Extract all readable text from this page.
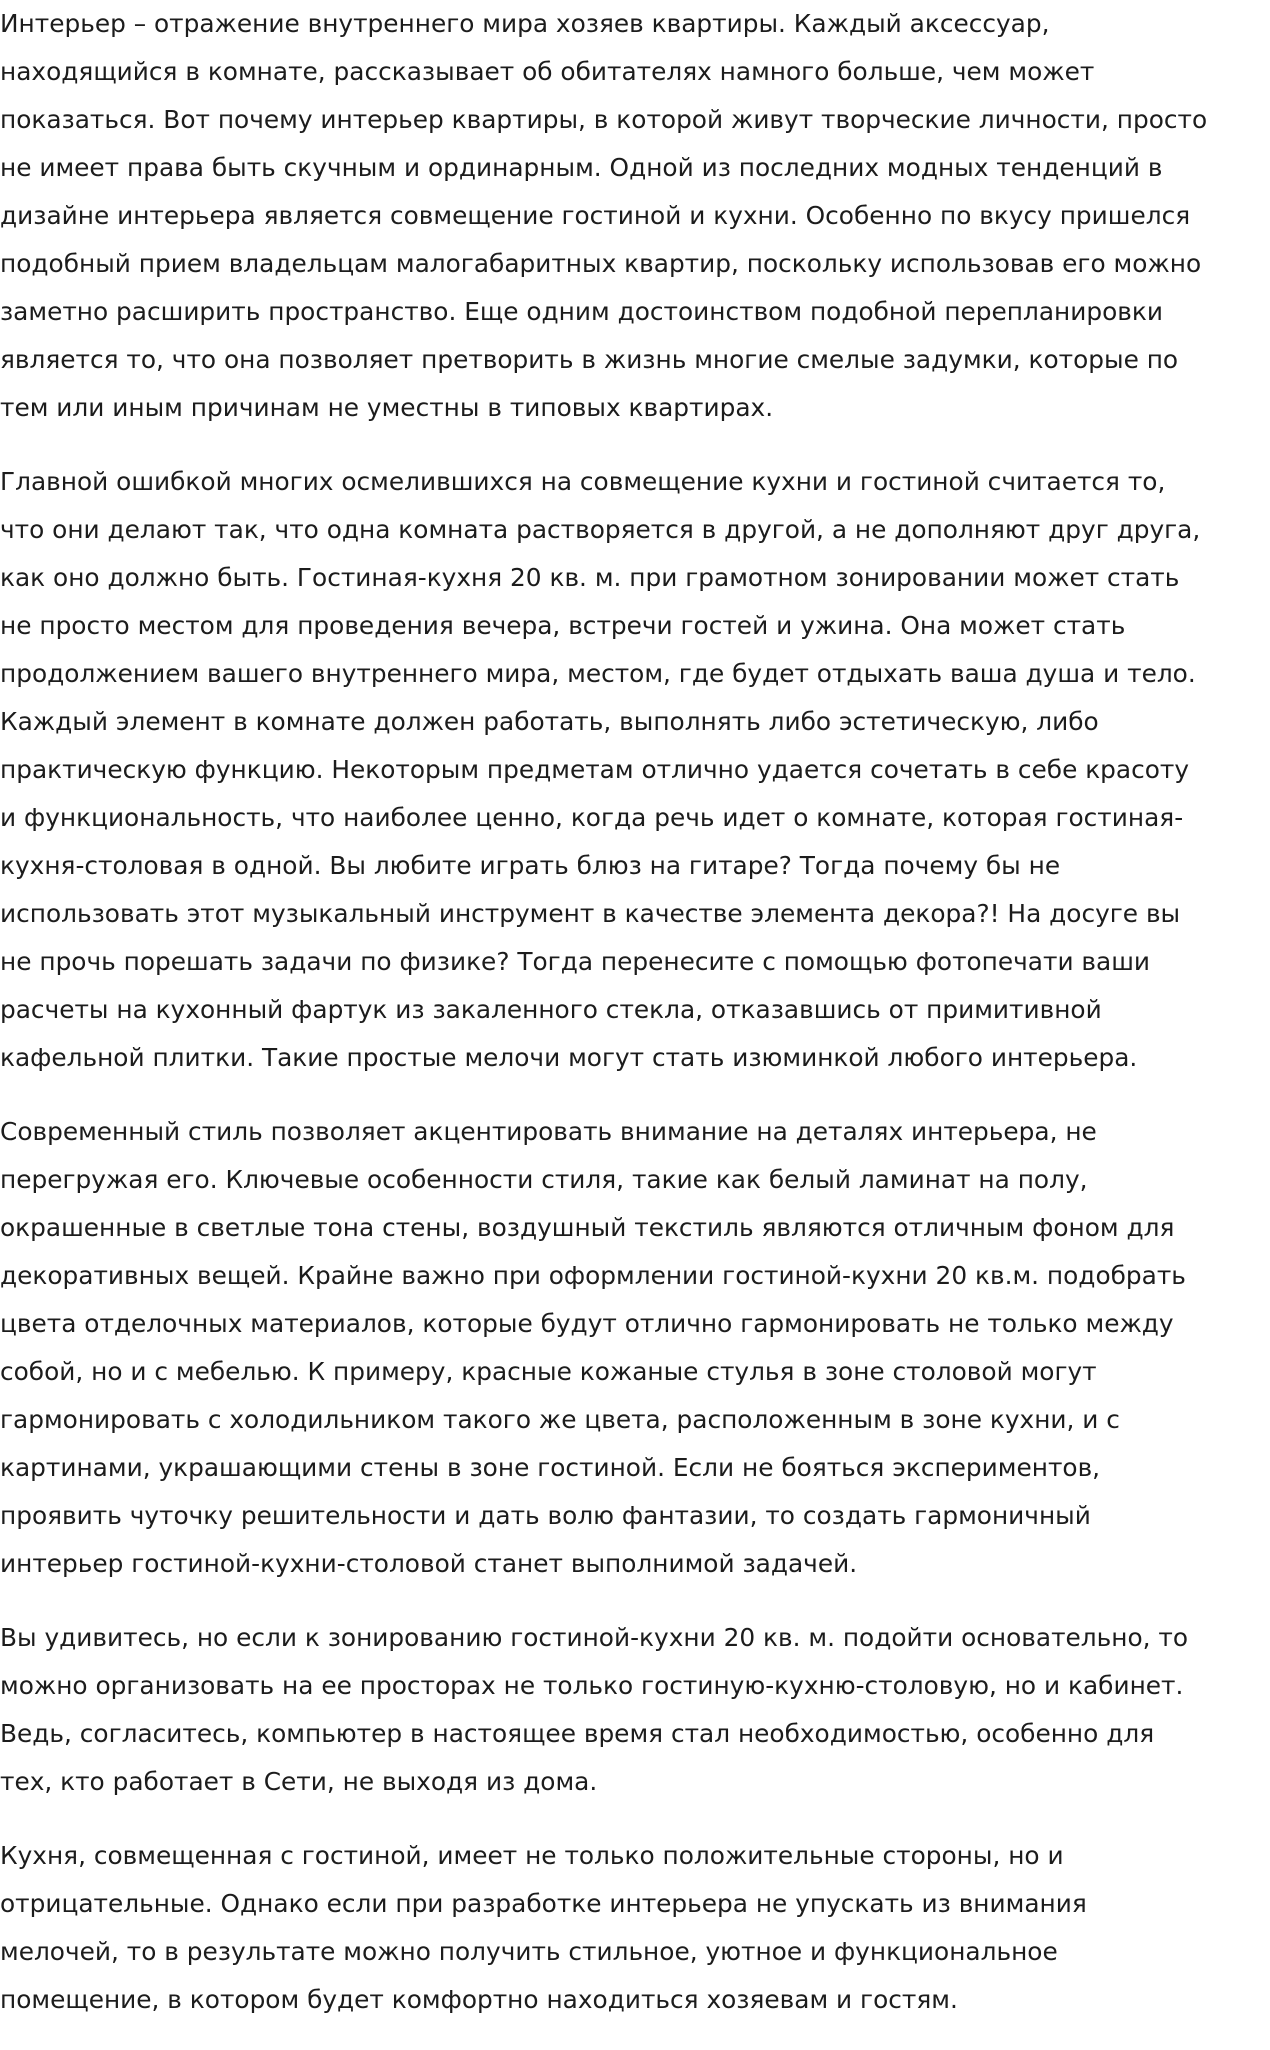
Интерьер – отражение внутреннего мира хозяев квартиры. Каждый аксессуар,
находящийся в комнате, рассказывает об обитателях намного больше, чем может
показаться. Вот почему интерьер квартиры, в которой живут творческие личности, просто
не имеет права быть скучным и ординарным. Одной из последних модных тенденций в
дизайне интерьера является совмещение гостиной и кухни. Особенно по вкусу пришелся
подобный прием владельцам малогабаритных квартир, поскольку использовав его можно
заметно расширить пространство. Еще одним достоинством подобной перепланировки
является то, что она позволяет претворить в жизнь многие смелые задумки, которые по
тем или иным причинам не уместны в типовых квартирах.

Главной ошибкой многих осмелившихся на совмещение кухни и гостиной считается то,
что они делают так, что одна комната растворяется в другой, а не дополняют друг друга,
как оно должно быть. Гостиная-кухня 20 кв. м. при грамотном зонировании может стать
не просто местом для проведения вечера, встречи гостей и ужина. Она может стать
продолжением вашего внутреннего мира, местом, где будет отдыхать ваша душа и тело.
Каждый элемент в комнате должен работать, выполнять либо эстетическую, либо
практическую функцию. Некоторым предметам отлично удается сочетать в себе красоту
и функциональность, что наиболее ценно, когда речь идет о комнате, которая гостиная-
кухня-столовая в одной. Вы любите играть блюз на гитаре? Тогда почему бы не
использовать этот музыкальный инструмент в качестве элемента декора?! На досуге вы
не прочь порешать задачи по физике? Тогда перенесите с помощью фотопечати ваши
расчеты на кухонный фартук из закаленного стекла, отказавшись от примитивной
кафельной плитки. Такие простые мелочи могут стать изюминкой любого интерьера.

Современный стиль позволяет акцентировать внимание на деталях интерьера, не
перегружая его. Ключевые особенности стиля, такие как белый ламинат на полу,
окрашенные в светлые тона стены, воздушный текстиль являются отличным фоном для
декоративных вещей. Крайне важно при оформлении гостиной-кухни 20 кв.м. подобрать
цвета отделочных материалов, которые будут отлично гармонировать не только между
собой, но и с мебелью. К примеру, красные кожаные стулья в зоне столовой могут
гармонировать с холодильником такого же цвета, расположенным в зоне кухни, и с
картинами, украшающими стены в зоне гостиной. Если не бояться экспериментов,
проявить чуточку решительности и дать волю фантазии, то создать гармоничный
интерьер гостиной-кухни-столовой станет выполнимой задачей.

Вы удивитесь, но если к зонированию гостиной-кухни 20 кв. м. подойти основательно, то
можно организовать на ее просторах не только гостиную-кухню-столовую, но и кабинет.
Ведь, согласитесь, компьютер в настоящее время стал необходимостью, особенно для
тех, кто работает в Сети, не выходя из дома.

Кухня, совмещенная с гостиной, имеет не только положительные стороны, но и
отрицательные. Однако если при разработке интерьера не упускать из внимания
мелочей, то в результате можно получить стильное, уютное и функциональное
помещение, в котором будет комфортно находиться хозяевам и гостям.
